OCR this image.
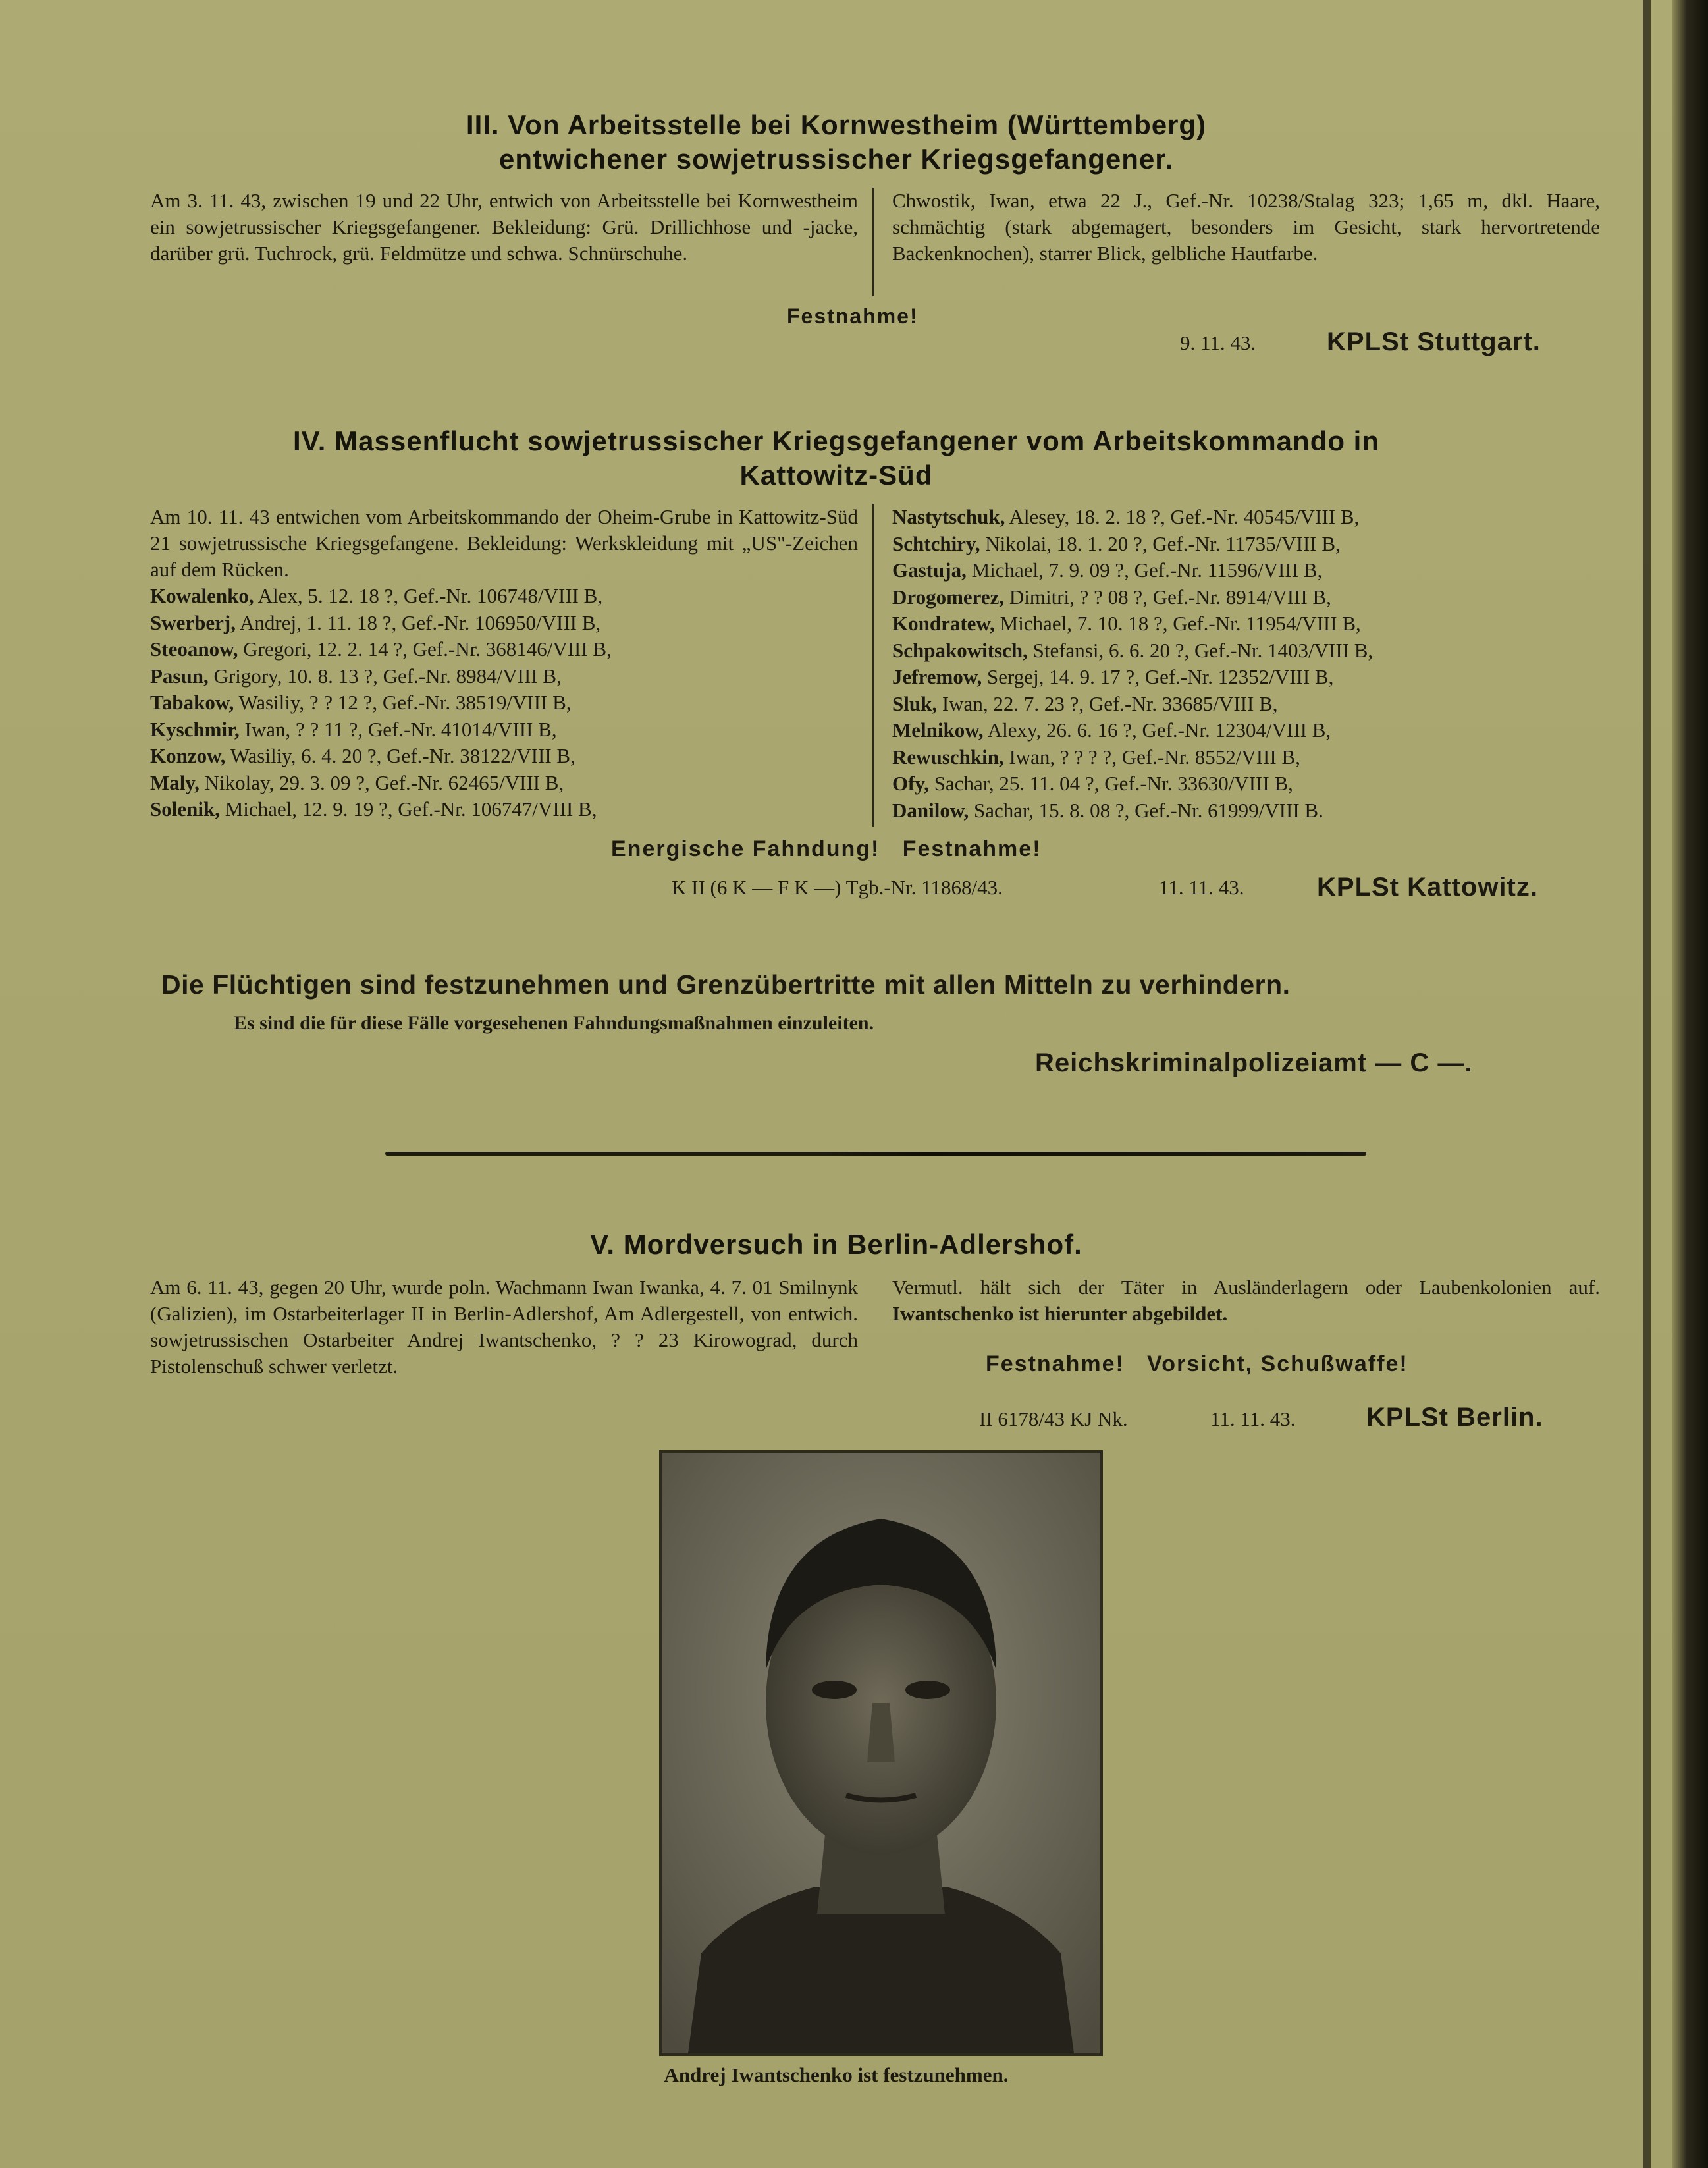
III. Von Arbeitsstelle bei Kornwestheim (Württemberg)
entwichener sowjetrussischer Kriegsgefangener.
Am 3. 11. 43, zwischen 19 und 22 Uhr, entwich von Arbeitsstelle bei Kornwestheim ein sowjetrussischer Kriegsgefangener. Bekleidung: Grü. Drillichhose und -jacke, darüber grü. Tuchrock, grü. Feldmütze und schwa. Schnürschuhe.
Chwostik, Iwan, etwa 22 J., Gef.-Nr. 10238/Stalag 323; 1,65 m, dkl. Haare, schmächtig (stark abgemagert, besonders im Gesicht, stark hervortretende Backenknochen), starrer Blick, gelbliche Hautfarbe.
Festnahme!
9. 11. 43.	KPLSt Stuttgart.
IV. Massenflucht sowjetrussischer Kriegsgefangener vom Arbeitskommando in
Kattowitz-Süd
Am 10. 11. 43 entwichen vom Arbeitskommando der Oheim-Grube in Kattowitz-Süd 21 sowjetrussische Kriegsgefangene. Bekleidung: Werkskleidung mit „US"-Zeichen auf dem Rücken.
Kowalenko, Alex, 5. 12. 18 ?, Gef.-Nr. 106748/VIII B,
Swerberj, Andrej, 1. 11. 18 ?, Gef.-Nr. 106950/VIII B,
Steoanow, Gregori, 12. 2. 14 ?, Gef.-Nr. 368146/VIII B,
Pasun, Grigory, 10. 8. 13 ?, Gef.-Nr. 8984/VIII B,
Tabakow, Wasiliy, ? ? 12 ?, Gef.-Nr. 38519/VIII B,
Kyschmir, Iwan, ? ? 11 ?, Gef.-Nr. 41014/VIII B,
Konzow, Wasiliy, 6. 4. 20 ?, Gef.-Nr. 38122/VIII B,
Maly, Nikolay, 29. 3. 09 ?, Gef.-Nr. 62465/VIII B,
Solenik, Michael, 12. 9. 19 ?, Gef.-Nr. 106747/VIII B,
Nastytschuk, Alesey, 18. 2. 18 ?, Gef.-Nr. 40545/VIII B,
Schtchiry, Nikolai, 18. 1. 20 ?, Gef.-Nr. 11735/VIII B,
Gastuja, Michael, 7. 9. 09 ?, Gef.-Nr. 11596/VIII B,
Drogomerez, Dimitri, ? ? 08 ?, Gef.-Nr. 8914/VIII B,
Kondratew, Michael, 7. 10. 18 ?, Gef.-Nr. 11954/VIII B,
Schpakowitsch, Stefansi, 6. 6. 20 ?, Gef.-Nr. 1403/VIII B,
Jefremow, Sergej, 14. 9. 17 ?, Gef.-Nr. 12352/VIII B,
Sluk, Iwan, 22. 7. 23 ?, Gef.-Nr. 33685/VIII B,
Melnikow, Alexy, 26. 6. 16 ?, Gef.-Nr. 12304/VIII B,
Rewuschkin, Iwan, ? ? ? ?, Gef.-Nr. 8552/VIII B,
Ofy, Sachar, 25. 11. 04 ?, Gef.-Nr. 33630/VIII B,
Danilow, Sachar, 15. 8. 08 ?, Gef.-Nr. 61999/VIII B.
Energische Fahndung!   Festnahme!
K II (6 K — F K —) Tgb.-Nr. 11868/43.	11. 11. 43.	KPLSt Kattowitz.
Die Flüchtigen sind festzunehmen und Grenzübertritte mit allen Mitteln zu verhindern.
Es sind die für diese Fälle vorgesehenen Fahndungsmaßnahmen einzuleiten.
Reichskriminalpolizeiamt — C —.
V. Mordversuch in Berlin-Adlershof.
Am 6. 11. 43, gegen 20 Uhr, wurde poln. Wachmann Iwan Iwanka, 4. 7. 01 Smilnynk (Galizien), im Ostarbeiterlager II in Berlin-Adlershof, Am Adlergestell, von entwich. sowjetrussischen Ostarbeiter Andrej Iwantschenko, ? ? 23 Kirowograd, durch Pistolenschuß schwer verletzt.
Vermutl. hält sich der Täter in Ausländerlagern oder Laubenkolonien auf. Iwantschenko ist hierunter abgebildet.
Festnahme!   Vorsicht, Schußwaffe!
II 6178/43 KJ Nk.	11. 11. 43.	KPLSt Berlin.
Andrej Iwantschenko ist festzunehmen.
